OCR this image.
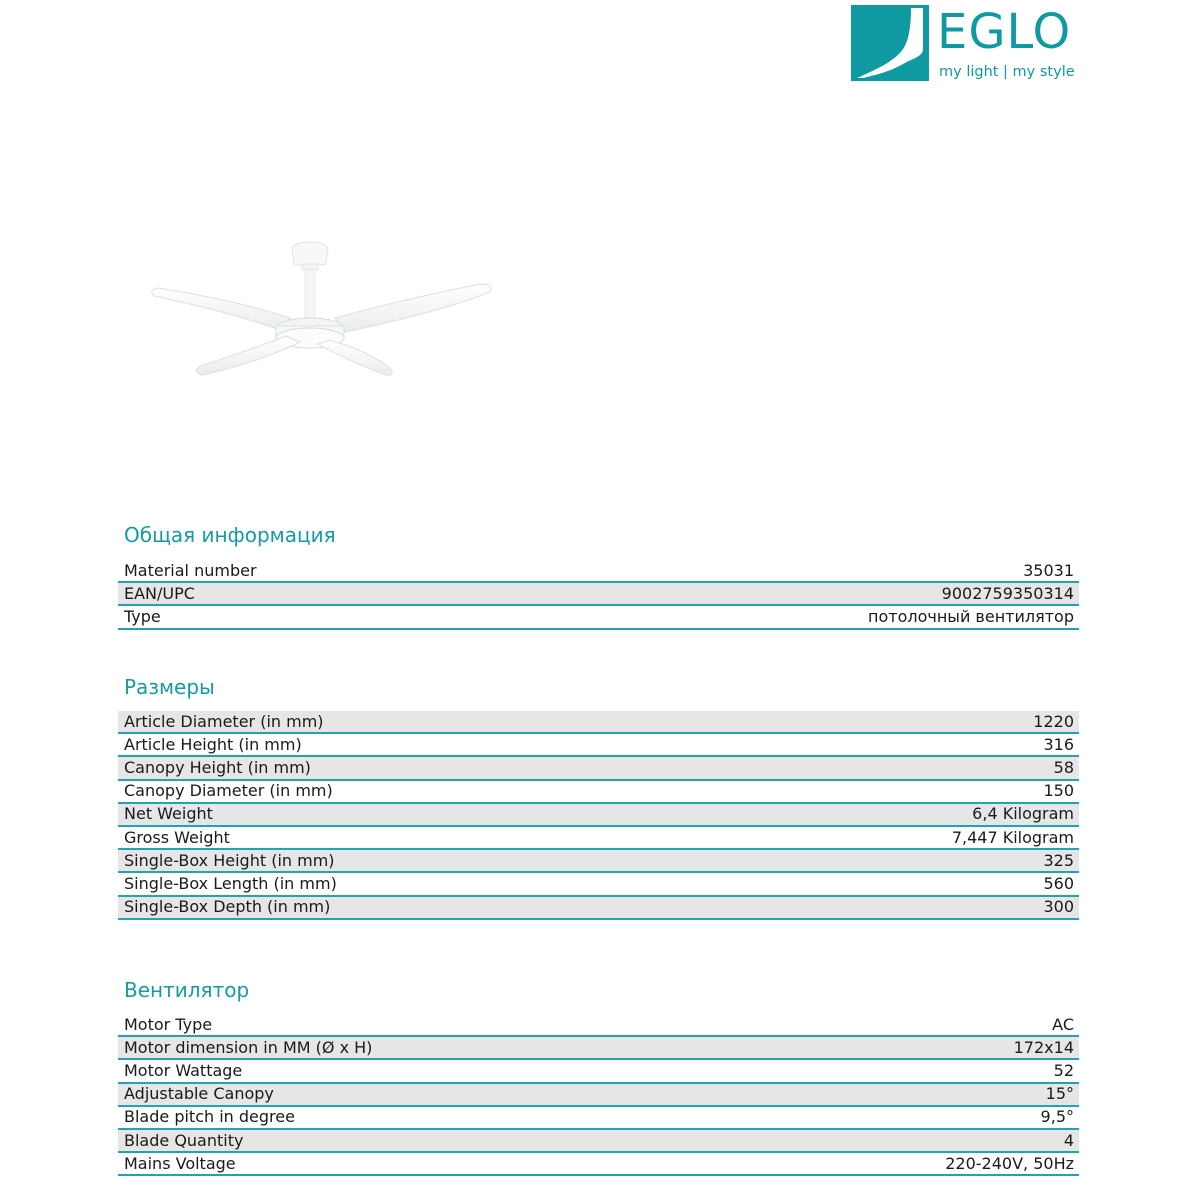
EGLO
my light | my style
Общая информация
Material number	35031
EAN/UPC	9002759350314
Type	потолочный вентилятор
Размеры
Article Diameter (in mm)	1220
Article Height (in mm)	316
Canopy Height (in mm)	58
Canopy Diameter (in mm)	150
Net Weight	6,4 Kilogram
Gross Weight	7,447 Kilogram
Single-Box Height (in mm)	325
Single-Box Length (in mm)	560
Single-Box Depth (in mm)	300
Вентилятор
Motor Type	AC
Motor dimension in MM (Ø x H)	172x14
Motor Wattage	52
Adjustable Canopy	15°
Blade pitch in degree	9,5°
Blade Quantity	4
Mains Voltage	220-240V, 50Hz
